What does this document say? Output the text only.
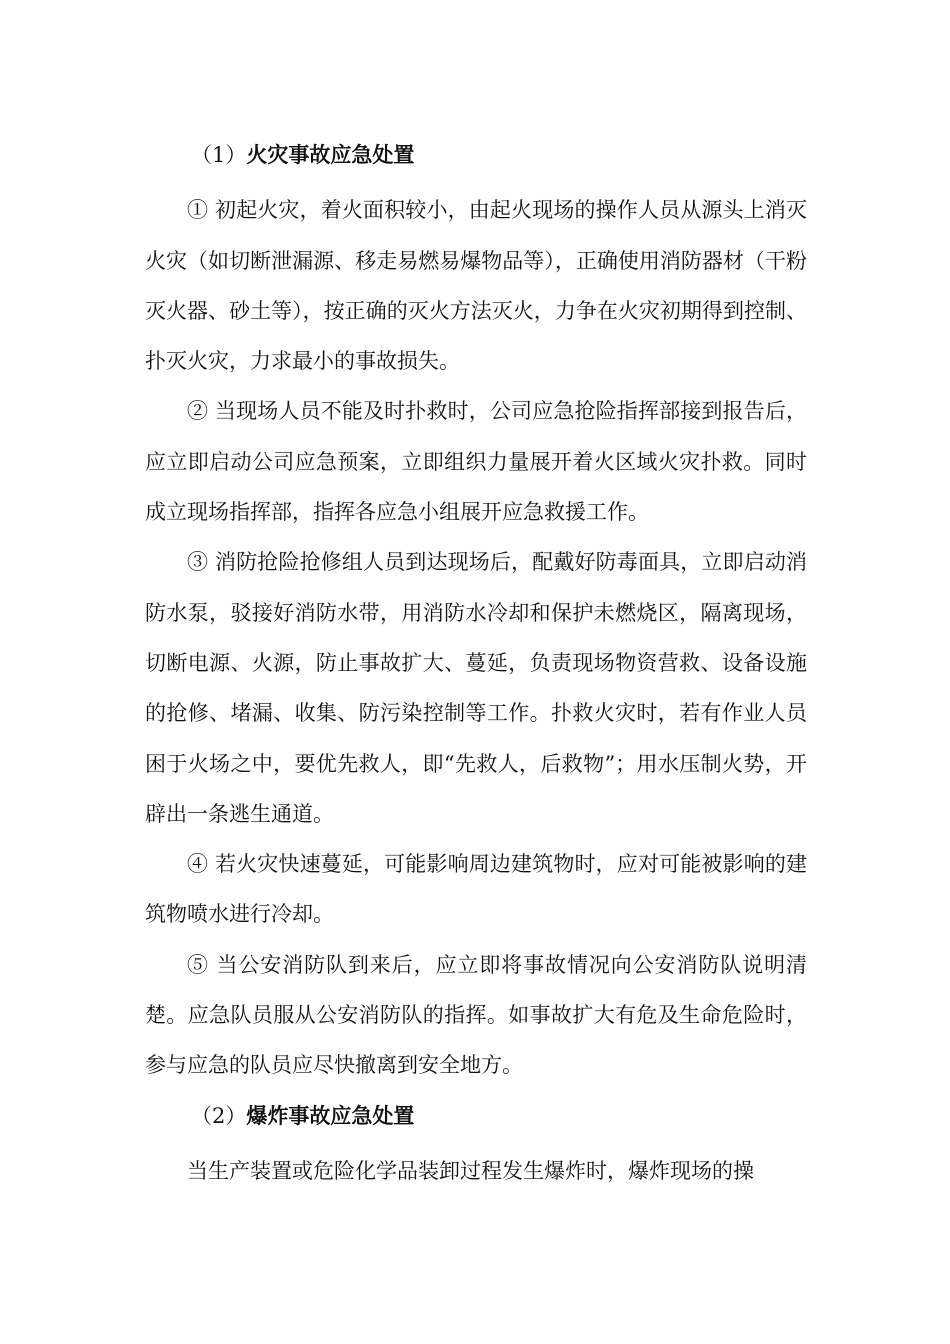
（1）火灾事故应急处置

① 初起火灾，着火面积较小，由起火现场的操作人员从源头上消灭火灾（如切断泄漏源、移走易燃易爆物品等），正确使用消防器材（干粉灭火器、砂土等），按正确的灭火方法灭火，力争在火灾初期得到控制、扑灭火灾，力求最小的事故损失。

② 当现场人员不能及时扑救时，公司应急抢险指挥部接到报告后，应立即启动公司应急预案，立即组织力量展开着火区域火灾扑救。同时成立现场指挥部，指挥各应急小组展开应急救援工作。

③ 消防抢险抢修组人员到达现场后，配戴好防毒面具，立即启动消防水泵，驳接好消防水带，用消防水冷却和保护未燃烧区，隔离现场，切断电源、火源，防止事故扩大、蔓延，负责现场物资营救、设备设施的抢修、堵漏、收集、防污染控制等工作。扑救火灾时，若有作业人员困于火场之中，要优先救人，即“先救人，后救物”；用水压制火势，开辟出一条逃生通道。

④ 若火灾快速蔓延，可能影响周边建筑物时，应对可能被影响的建筑物喷水进行冷却。

⑤ 当公安消防队到来后，应立即将事故情况向公安消防队说明清楚。应急队员服从公安消防队的指挥。如事故扩大有危及生命危险时，参与应急的队员应尽快撤离到安全地方。

（2）爆炸事故应急处置

当生产装置或危险化学品装卸过程发生爆炸时，爆炸现场的操
